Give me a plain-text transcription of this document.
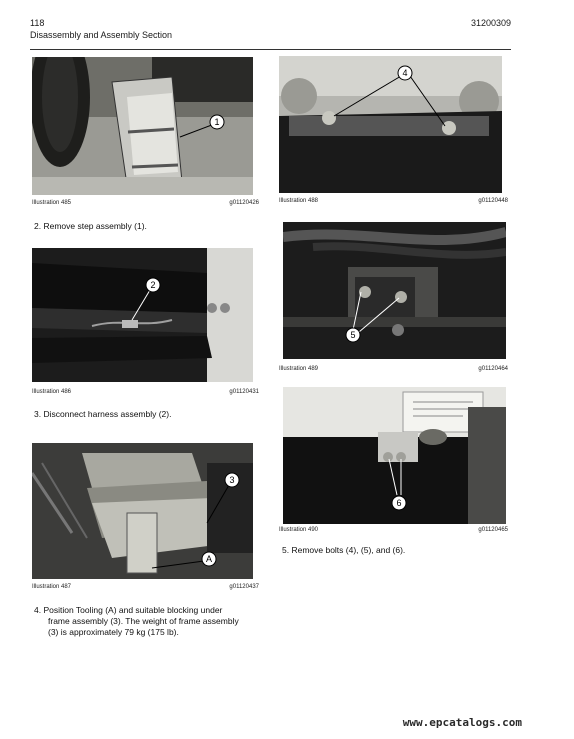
118
Disassembly and Assembly Section
31200309
1
Illustration 485	g01120426
2. Remove step assembly (1).
2
Illustration 486	g01120431
3. Disconnect harness assembly (2).
3
A
Illustration 487	g01120437
4. Position Tooling (A) and suitable blocking under
frame assembly (3). The weight of frame assembly
(3) is approximately 79 kg (175 lb).
4
Illustration 488	g01120448
5
Illustration 489	g01120464
6
Illustration 490	g01120465
5. Remove bolts (4), (5), and (6).
www.epcatalogs.com
